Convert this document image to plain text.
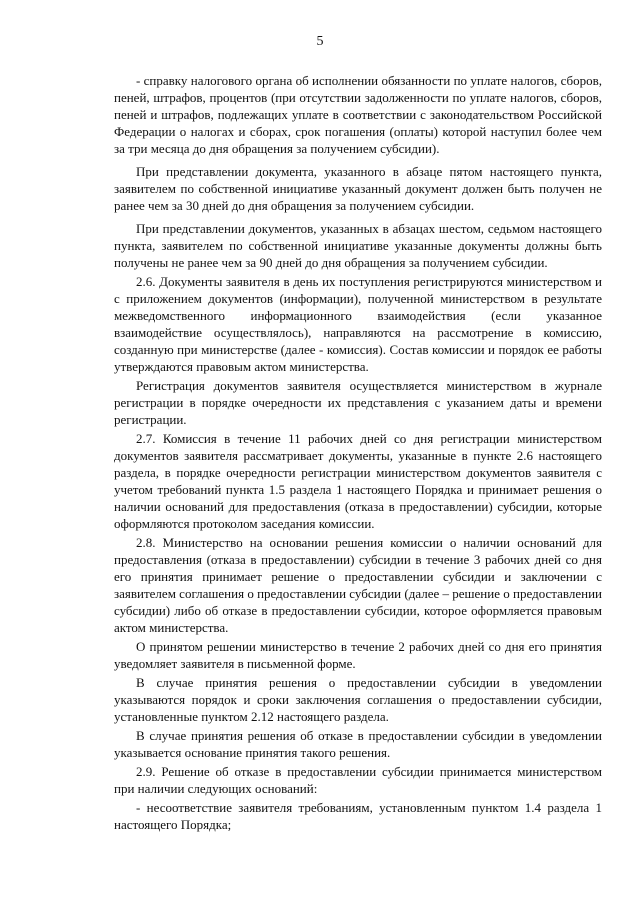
5

- справку налогового органа об исполнении обязанности по уплате налогов, сборов, пеней, штрафов, процентов (при отсутствии задолженности по уплате налогов, сборов, пеней и штрафов, подлежащих уплате в соответствии с законодательством Российской Федерации о налогах и сборах, срок погашения (оплаты) которой наступил более чем за три месяца до дня обращения за получением субсидии).

При представлении документа, указанного в абзаце пятом настоящего пункта, заявителем по собственной инициативе указанный документ должен быть получен не ранее чем за 30 дней до дня обращения за получением субсидии.

При представлении документов, указанных в абзацах шестом, седьмом настоящего пункта, заявителем по собственной инициативе указанные документы должны быть получены не ранее чем за 90 дней до дня обращения за получением субсидии.

2.6. Документы заявителя в день их поступления регистрируются министерством и с приложением документов (информации), полученной министерством в результате межведомственного информационного взаимодействия (если указанное взаимодействие осуществлялось), направляются на рассмотрение в комиссию, созданную при министерстве (далее - комиссия). Состав комиссии и порядок ее работы утверждаются правовым актом министерства.

Регистрация документов заявителя осуществляется министерством в журнале регистрации в порядке очередности их представления с указанием даты и времени регистрации.

2.7. Комиссия в течение 11 рабочих дней со дня регистрации министерством документов заявителя рассматривает документы, указанные в пункте 2.6 настоящего раздела, в порядке очередности регистрации министерством документов заявителя с учетом требований пункта 1.5 раздела 1 настоящего Порядка и принимает решения о наличии оснований для предоставления (отказа в предоставлении) субсидии, которые оформляются протоколом заседания комиссии.

2.8. Министерство на основании решения комиссии о наличии оснований для предоставления (отказа в предоставлении) субсидии в течение 3 рабочих дней со дня его принятия принимает решение о предоставлении субсидии и заключении с заявителем соглашения о предоставлении субсидии (далее – решение о предоставлении субсидии) либо об отказе в предоставлении субсидии, которое оформляется правовым актом министерства.

О принятом решении министерство в течение 2 рабочих дней со дня его принятия уведомляет заявителя в письменной форме.

В случае принятия решения о предоставлении субсидии в уведомлении указываются порядок и сроки заключения соглашения о предоставлении субсидии, установленные пунктом 2.12 настоящего раздела.

В случае принятия решения об отказе в предоставлении субсидии в уведомлении указывается основание принятия такого решения.

2.9. Решение об отказе в предоставлении субсидии принимается министерством при наличии следующих оснований:

- несоответствие заявителя требованиям, установленным пунктом 1.4 раздела 1 настоящего Порядка;
